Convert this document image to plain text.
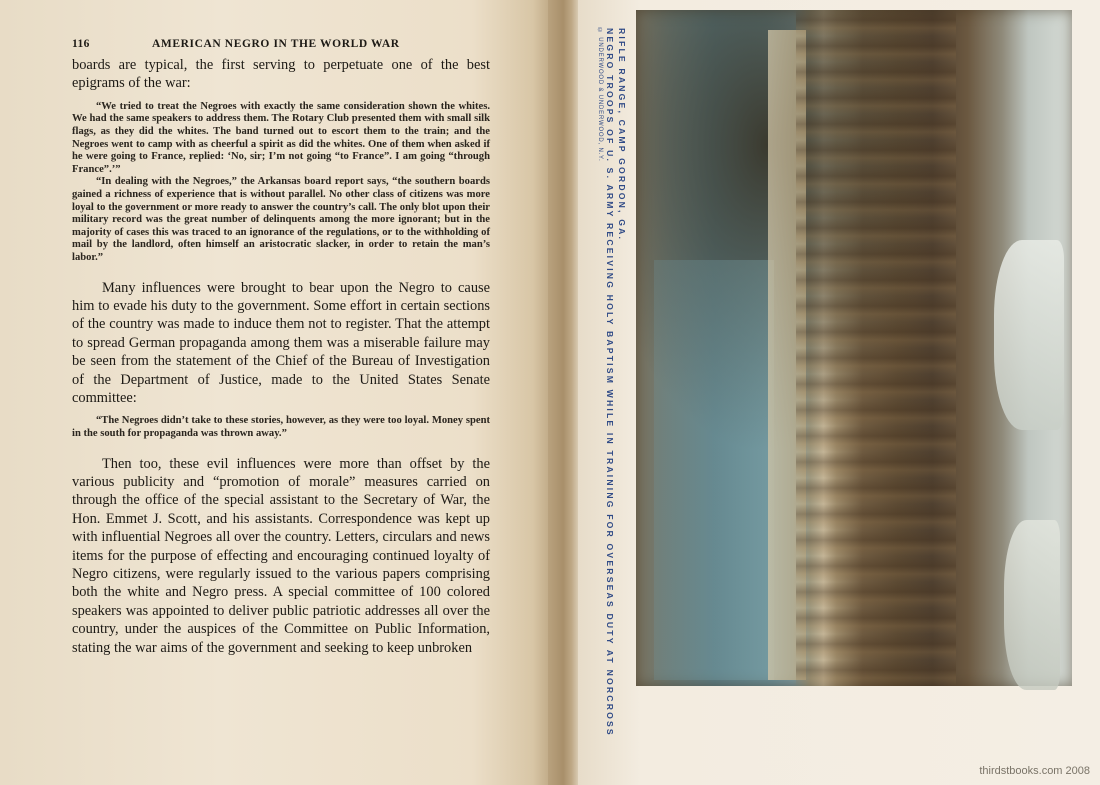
116	AMERICAN NEGRO IN THE WORLD WAR

boards are typical, the first serving to perpetuate one of the best epigrams of the war:

“We tried to treat the Negroes with exactly the same consideration shown the whites. We had the same speakers to address them. The Rotary Club presented them with small silk flags, as they did the whites. The band turned out to escort them to the train; and the Negroes went to camp with as cheerful a spirit as did the whites. One of them when asked if he were going to France, replied: ‘No, sir; I’m not going “to France”. I am going “through France”.’”

“In dealing with the Negroes,” the Arkansas board report says, “the southern boards gained a richness of experience that is without parallel. No other class of citizens was more loyal to the government or more ready to answer the country’s call. The only blot upon their military record was the great number of delinquents among the more ignorant; but in the majority of cases this was traced to an ignorance of the regulations, or to the withholding of mail by the landlord, often himself an aristocratic slacker, in order to retain the man’s labor.”

Many influences were brought to bear upon the Negro to cause him to evade his duty to the government. Some effort in certain sections of the country was made to induce them not to register. That the attempt to spread German propaganda among them was a miserable failure may be seen from the statement of the Chief of the Bureau of Investigation of the Department of Justice, made to the United States Senate committee:

“The Negroes didn’t take to these stories, however, as they were too loyal. Money spent in the south for propaganda was thrown away.”

Then too, these evil influences were more than offset by the various publicity and “promotion of morale” measures carried on through the office of the special assistant to the Secretary of War, the Hon. Emmet J. Scott, and his assistants. Correspondence was kept up with influential Negroes all over the country. Letters, circulars and news items for the purpose of effecting and encouraging continued loyalty of Negro citizens, were regularly issued to the various papers comprising both the white and Negro press. A special committee of 100 colored speakers was appointed to deliver public patriotic addresses all over the country, under the auspices of the Committee on Public Information, stating the war aims of the government and seeking to keep unbroken

© UNDERWOOD & UNDERWOOD, N.Y. NEGRO TROOPS OF U. S. ARMY RECEIVING HOLY BAPTISM WHILE IN TRAINING FOR OVERSEAS DUTY AT NORCROSS RIFLE RANGE, CAMP GORDON, GA.
thirdstbooks.com 2008
